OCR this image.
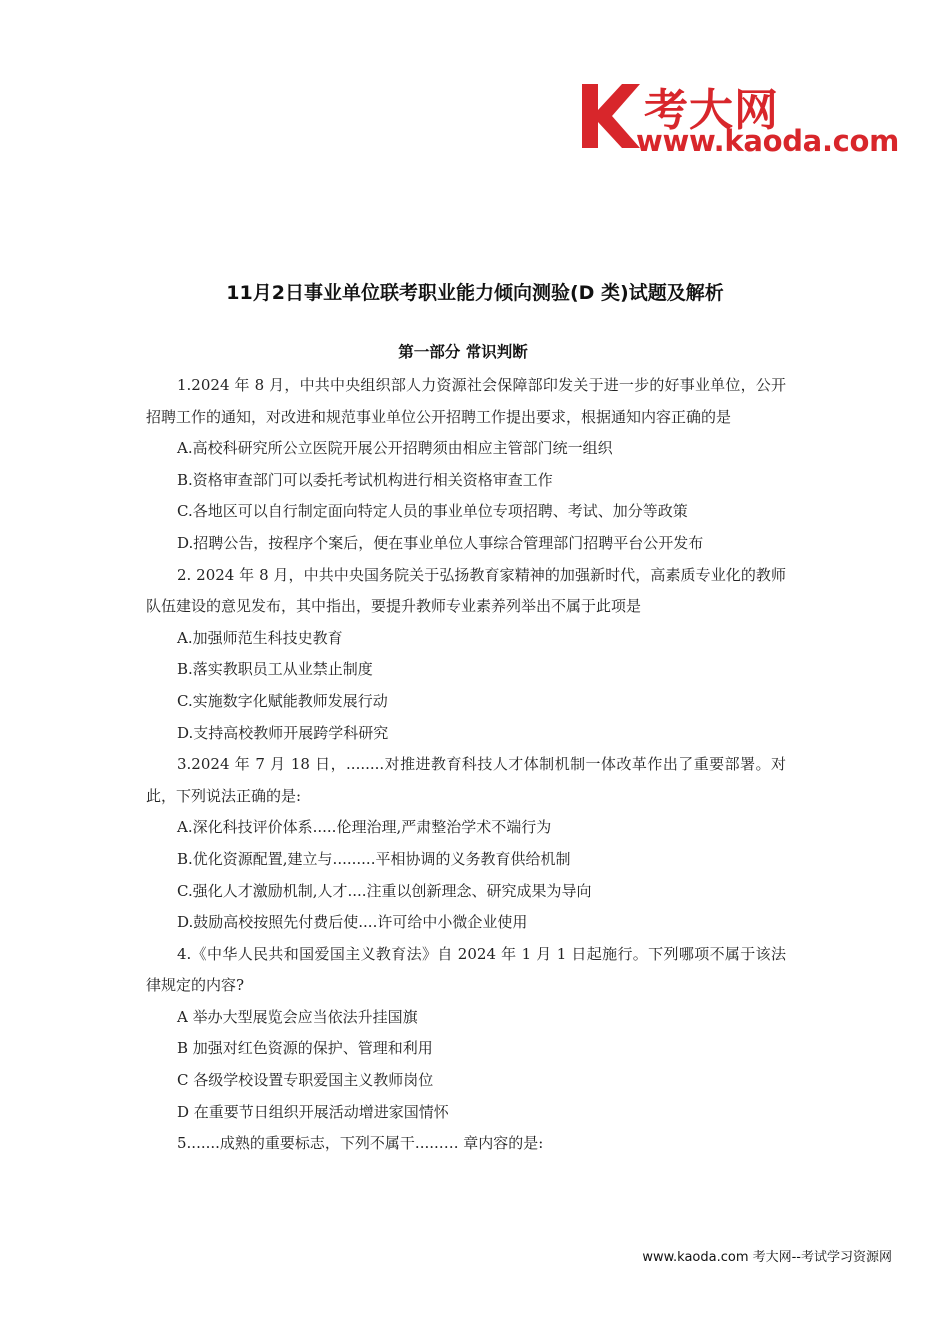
考大网
www.kaoda.com
11月2日事业单位联考职业能力倾向测验(D 类)试题及解析
第一部分 常识判断

1.2024 年 8 月，中共中央组织部人力资源社会保障部印发关于进一步的好事业单位，公开招聘工作的通知，对改进和规范事业单位公开招聘工作提出要求，根据通知内容正确的是

A.高校科研究所公立医院开展公开招聘须由相应主管部门统一组织

B.资格审查部门可以委托考试机构进行相关资格审查工作

C.各地区可以自行制定面向特定人员的事业单位专项招聘、考试、加分等政策

D.招聘公告，按程序个案后，便在事业单位人事综合管理部门招聘平台公开发布

2. 2024 年 8 月，中共中央国务院关于弘扬教育家精神的加强新时代，高素质专业化的教师队伍建设的意见发布，其中指出，要提升教师专业素养列举出不属于此项是

A.加强师范生科技史教育

B.落实教职员工从业禁止制度

C.实施数字化赋能教师发展行动

D.支持高校教师开展跨学科研究

3.2024 年 7 月 18 日，........对推进教育科技人才体制机制一体改革作出了重要部署。对此，下列说法正确的是:

A.深化科技评价体系.....伦理治理,严肃整治学术不端行为

B.优化资源配置,建立与.........平相协调的义务教育供给机制

C.强化人才激励机制,人才....注重以创新理念、研究成果为导向

D.鼓励高校按照先付费后使....许可给中小微企业使用

4.《中华人民共和国爱国主义教育法》自 2024 年 1 月 1 日起施行。下列哪项不属于该法律规定的内容?

A 举办大型展览会应当依法升挂国旗

B 加强对红色资源的保护、管理和利用

C 各级学校设置专职爱国主义教师岗位

D 在重要节日组织开展活动增进家国情怀

5.......成熟的重要标志，下列不属干.....…. 章内容的是:

www.kaoda.com 考大网--考试学习资源网
